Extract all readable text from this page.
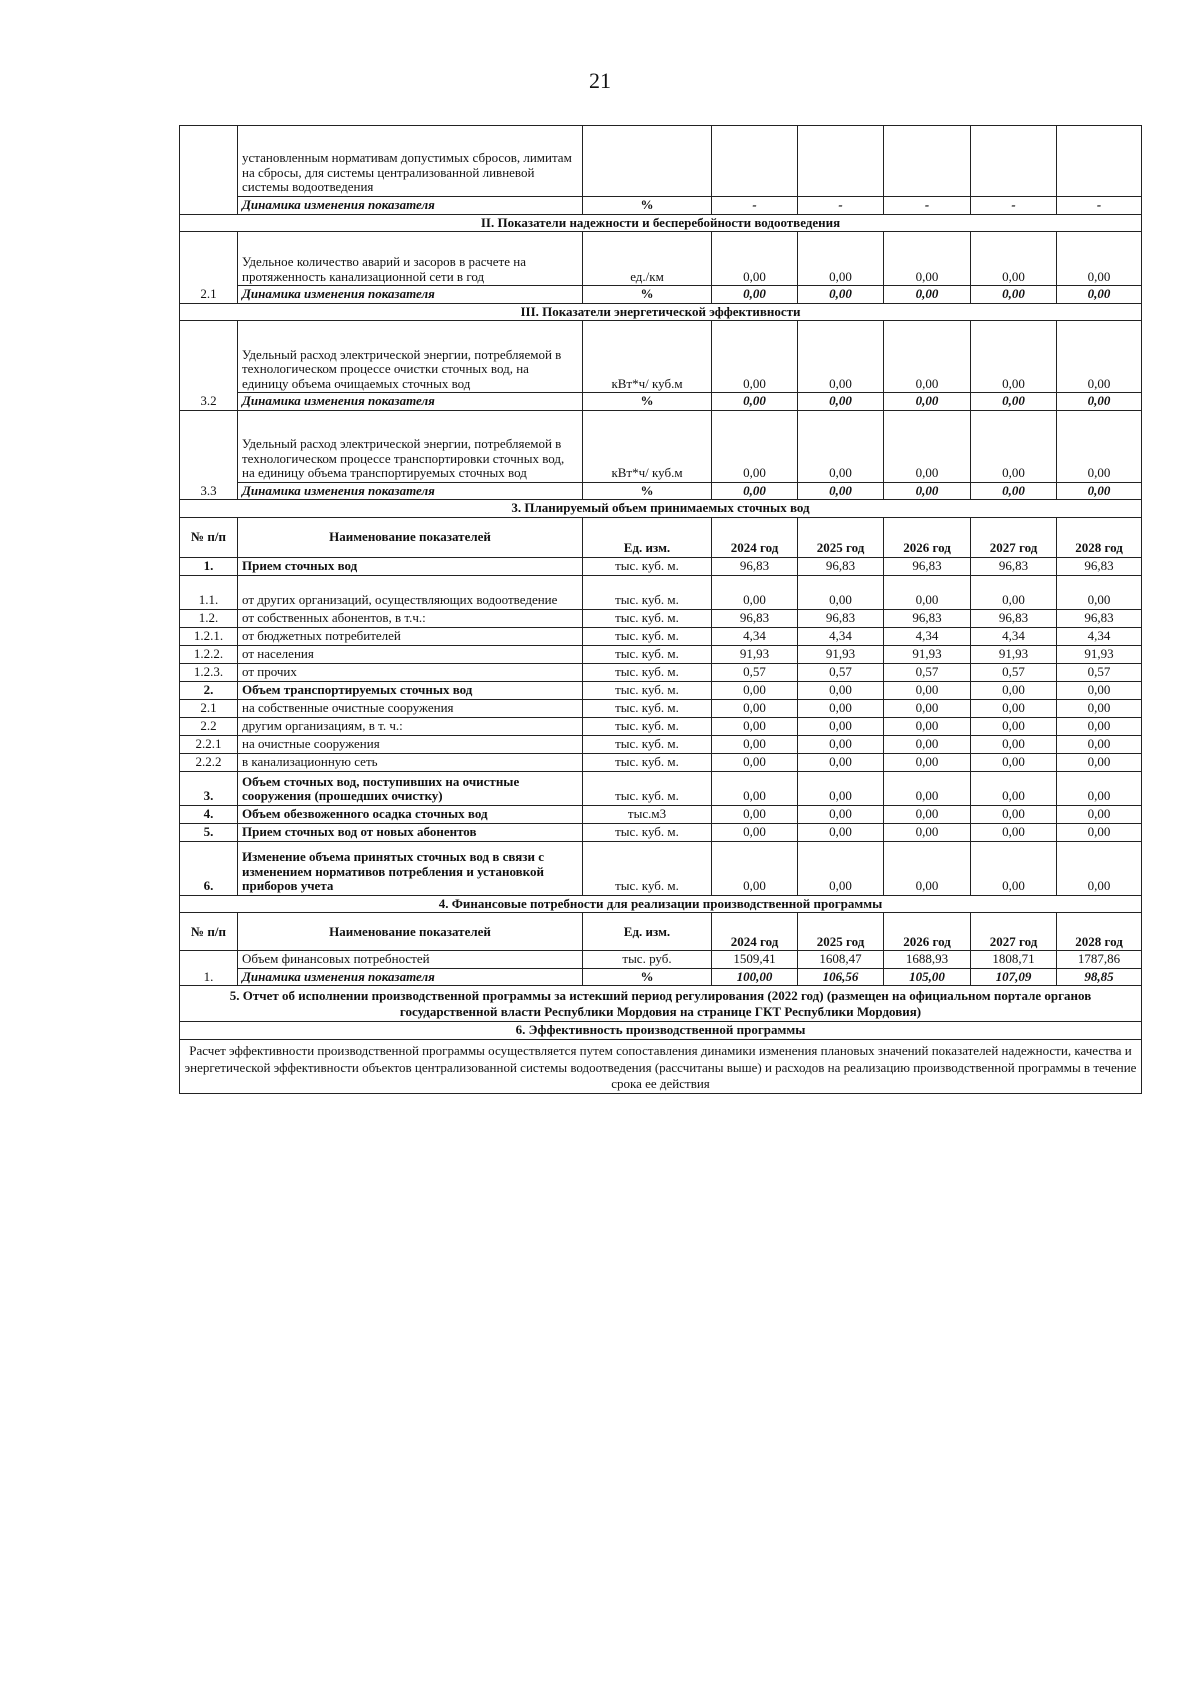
21
	установленным нормативам допустимых сбросов, лимитам на сбросы, для системы централизованной ливневой системы водоотведения						
	Динамика изменения показателя	%	-	-	-	-	-
II. Показатели надежности и бесперебойности водоотведения							
2.1	Удельное количество аварий и засоров в расчете на протяженность канализационной сети в год	ед./км	0,00	0,00	0,00	0,00	0,00
	Динамика изменения показателя	%	0,00	0,00	0,00	0,00	0,00
III. Показатели энергетической эффективности							
3.2	Удельный расход электрической энергии, потребляемой в технологическом процессе очистки сточных вод, на единицу объема очищаемых сточных вод	кВт*ч/ куб.м	0,00	0,00	0,00	0,00	0,00
	Динамика изменения показателя	%	0,00	0,00	0,00	0,00	0,00
3.3	Удельный расход электрической энергии, потребляемой в технологическом процессе транспортировки сточных вод, на единицу объема транспортируемых сточных вод	кВт*ч/ куб.м	0,00	0,00	0,00	0,00	0,00
	Динамика изменения показателя	%	0,00	0,00	0,00	0,00	0,00
3. Планируемый объем принимаемых сточных вод							
№ п/п	Наименование показателей	Ед. изм.	2024 год	2025 год	2026 год	2027 год	2028 год
1.	Прием сточных вод	тыс. куб. м.	96,83	96,83	96,83	96,83	96,83
1.1.	от других организаций, осуществляющих водоотведение	тыс. куб. м.	0,00	0,00	0,00	0,00	0,00
1.2.	от собственных абонентов, в т.ч.:	тыс. куб. м.	96,83	96,83	96,83	96,83	96,83
1.2.1.	от бюджетных потребителей	тыс. куб. м.	4,34	4,34	4,34	4,34	4,34
1.2.2.	от населения	тыс. куб. м.	91,93	91,93	91,93	91,93	91,93
1.2.3.	от прочих	тыс. куб. м.	0,57	0,57	0,57	0,57	0,57
2.	Объем транспортируемых сточных вод	тыс. куб. м.	0,00	0,00	0,00	0,00	0,00
2.1	на собственные очистные сооружения	тыс. куб. м.	0,00	0,00	0,00	0,00	0,00
2.2	другим организациям, в т. ч.:	тыс. куб. м.	0,00	0,00	0,00	0,00	0,00
2.2.1	на очистные сооружения	тыс. куб. м.	0,00	0,00	0,00	0,00	0,00
2.2.2	в канализационную сеть	тыс. куб. м.	0,00	0,00	0,00	0,00	0,00
3.	Объем сточных вод, поступивших на очистные сооружения (прошедших очистку)	тыс. куб. м.	0,00	0,00	0,00	0,00	0,00
4.	Объем обезвоженного осадка сточных вод	тыс.м3	0,00	0,00	0,00	0,00	0,00
5.	Прием сточных вод от новых абонентов	тыс. куб. м.	0,00	0,00	0,00	0,00	0,00
6.	Изменение объема принятых сточных вод в связи с изменением нормативов потребления и установкой приборов учета	тыс. куб. м.	0,00	0,00	0,00	0,00	0,00
4. Финансовые потребности для реализации производственной программы							
№ п/п	Наименование показателей	Ед. изм.	2024 год	2025 год	2026 год	2027 год	2028 год
1.	Объем финансовых потребностей	тыс. руб.	1509,41	1608,47	1688,93	1808,71	1787,86
	Динамика изменения показателя	%	100,00	106,56	105,00	107,09	98,85
5. Отчет об исполнении производственной программы за истекший период регулирования (2022 год) (размещен на официальном портале органов государственной власти Республики Мордовия на странице ГКТ Республики Мордовия)							
6. Эффективность производственной программы							
Расчет эффективности производственной программы осуществляется путем сопоставления динамики изменения плановых значений показателей надежности, качества и энергетической эффективности объектов централизованной системы водоотведения (рассчитаны выше) и расходов на реализацию производственной программы в течение срока ее действия							
